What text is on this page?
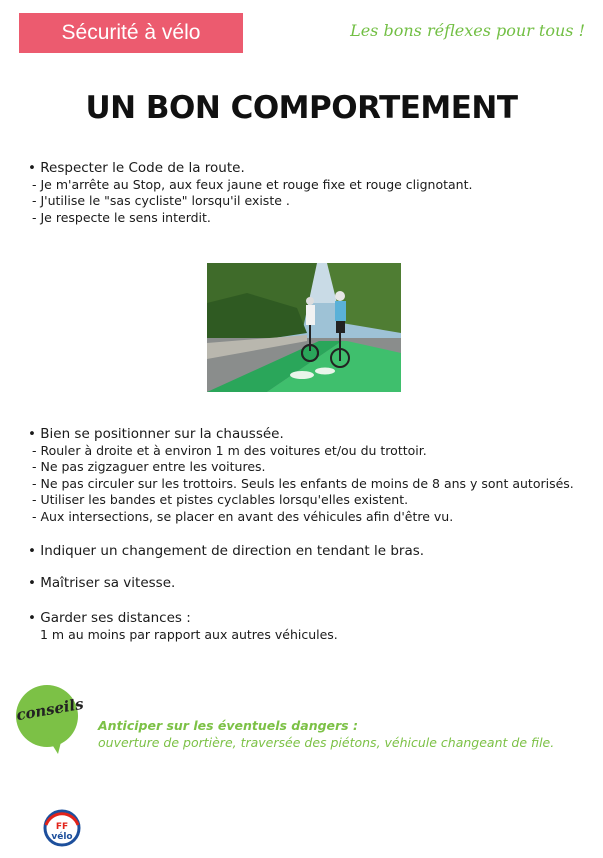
Sécurité à vélo	Les bons réflexes pour tous !
UN BON COMPORTEMENT
• Respecter le Code de la route.
- Je m'arrête au Stop, aux feux jaune et rouge fixe et rouge clignotant.
- J'utilise le "sas cycliste" lorsqu'il existe .
- Je respecte le sens interdit.
• Bien se positionner sur la chaussée.
- Rouler à droite et à environ 1 m des voitures et/ou du trottoir.
- Ne pas zigzaguer entre les voitures.
- Ne pas circuler sur les trottoirs. Seuls les enfants de moins de 8 ans y sont autorisés.
- Utiliser les bandes et pistes cyclables lorsqu'elles existent.
- Aux intersections, se placer en avant des véhicules afin d'être vu.
• Indiquer un changement de direction en tendant le bras.
• Maîtriser sa vitesse.
• Garder ses distances :
1 m au moins par rapport aux autres véhicules.
conseils
Anticiper sur les éventuels dangers :
ouverture de portière, traversée des piétons, véhicule changeant de file.
FF
vélo
